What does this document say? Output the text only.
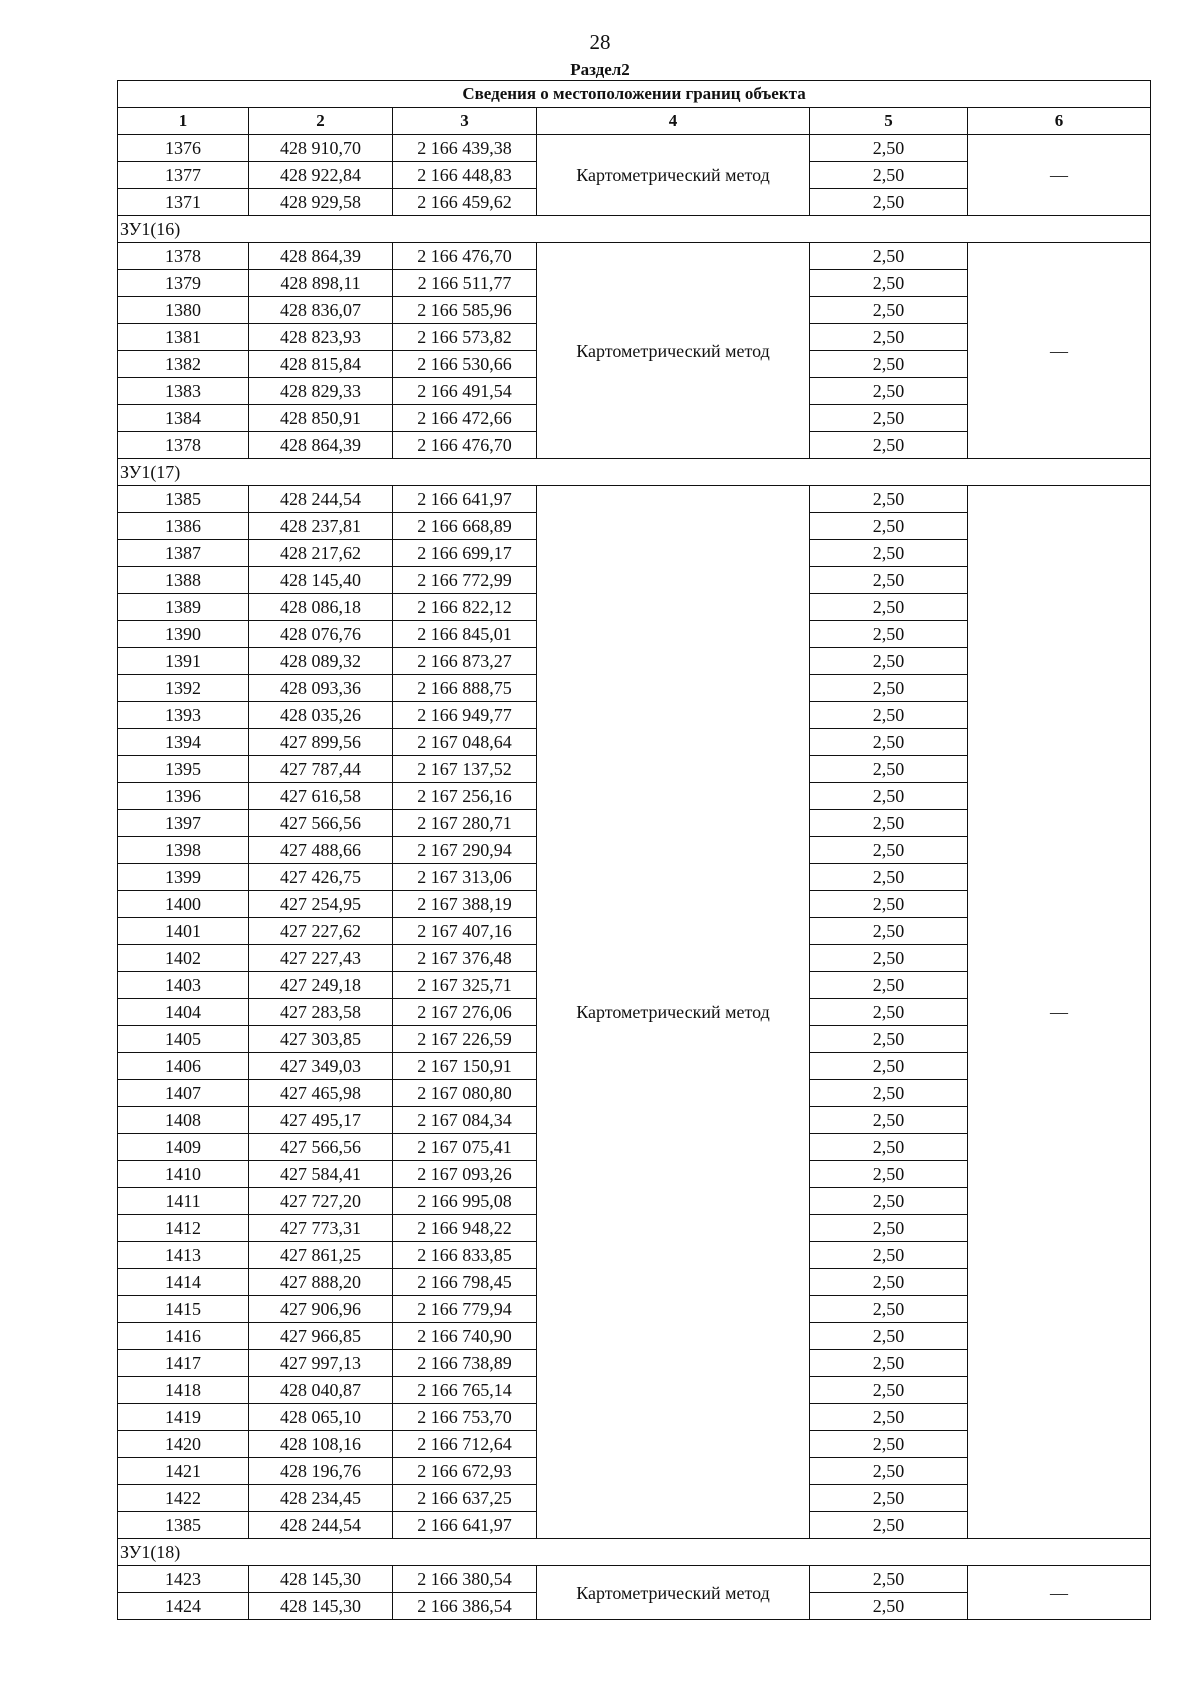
28
Раздел2
Сведения о местоположении границ объекта					
1	2	3	4	5	6
1376	428 910,70	2 166 439,38	Картометрический метод	2,50	—
1377	428 922,84	2 166 448,83		2,50	
1371	428 929,58	2 166 459,62		2,50	
ЗУ1(16)					
1378	428 864,39	2 166 476,70	Картометрический метод	2,50	—
1379	428 898,11	2 166 511,77		2,50	
1380	428 836,07	2 166 585,96		2,50	
1381	428 823,93	2 166 573,82		2,50	
1382	428 815,84	2 166 530,66		2,50	
1383	428 829,33	2 166 491,54		2,50	
1384	428 850,91	2 166 472,66		2,50	
1378	428 864,39	2 166 476,70		2,50	
ЗУ1(17)					
1385	428 244,54	2 166 641,97	Картометрический метод	2,50	—
1386	428 237,81	2 166 668,89		2,50	
1387	428 217,62	2 166 699,17		2,50	
1388	428 145,40	2 166 772,99		2,50	
1389	428 086,18	2 166 822,12		2,50	
1390	428 076,76	2 166 845,01		2,50	
1391	428 089,32	2 166 873,27		2,50	
1392	428 093,36	2 166 888,75		2,50	
1393	428 035,26	2 166 949,77		2,50	
1394	427 899,56	2 167 048,64		2,50	
1395	427 787,44	2 167 137,52		2,50	
1396	427 616,58	2 167 256,16		2,50	
1397	427 566,56	2 167 280,71		2,50	
1398	427 488,66	2 167 290,94		2,50	
1399	427 426,75	2 167 313,06		2,50	
1400	427 254,95	2 167 388,19		2,50	
1401	427 227,62	2 167 407,16		2,50	
1402	427 227,43	2 167 376,48		2,50	
1403	427 249,18	2 167 325,71		2,50	
1404	427 283,58	2 167 276,06		2,50	
1405	427 303,85	2 167 226,59		2,50	
1406	427 349,03	2 167 150,91		2,50	
1407	427 465,98	2 167 080,80		2,50	
1408	427 495,17	2 167 084,34		2,50	
1409	427 566,56	2 167 075,41		2,50	
1410	427 584,41	2 167 093,26		2,50	
1411	427 727,20	2 166 995,08		2,50	
1412	427 773,31	2 166 948,22		2,50	
1413	427 861,25	2 166 833,85		2,50	
1414	427 888,20	2 166 798,45		2,50	
1415	427 906,96	2 166 779,94		2,50	
1416	427 966,85	2 166 740,90		2,50	
1417	427 997,13	2 166 738,89		2,50	
1418	428 040,87	2 166 765,14		2,50	
1419	428 065,10	2 166 753,70		2,50	
1420	428 108,16	2 166 712,64		2,50	
1421	428 196,76	2 166 672,93		2,50	
1422	428 234,45	2 166 637,25		2,50	
1385	428 244,54	2 166 641,97		2,50	
ЗУ1(18)					
1423	428 145,30	2 166 380,54	Картометрический метод	2,50	—
1424	428 145,30	2 166 386,54		2,50	
